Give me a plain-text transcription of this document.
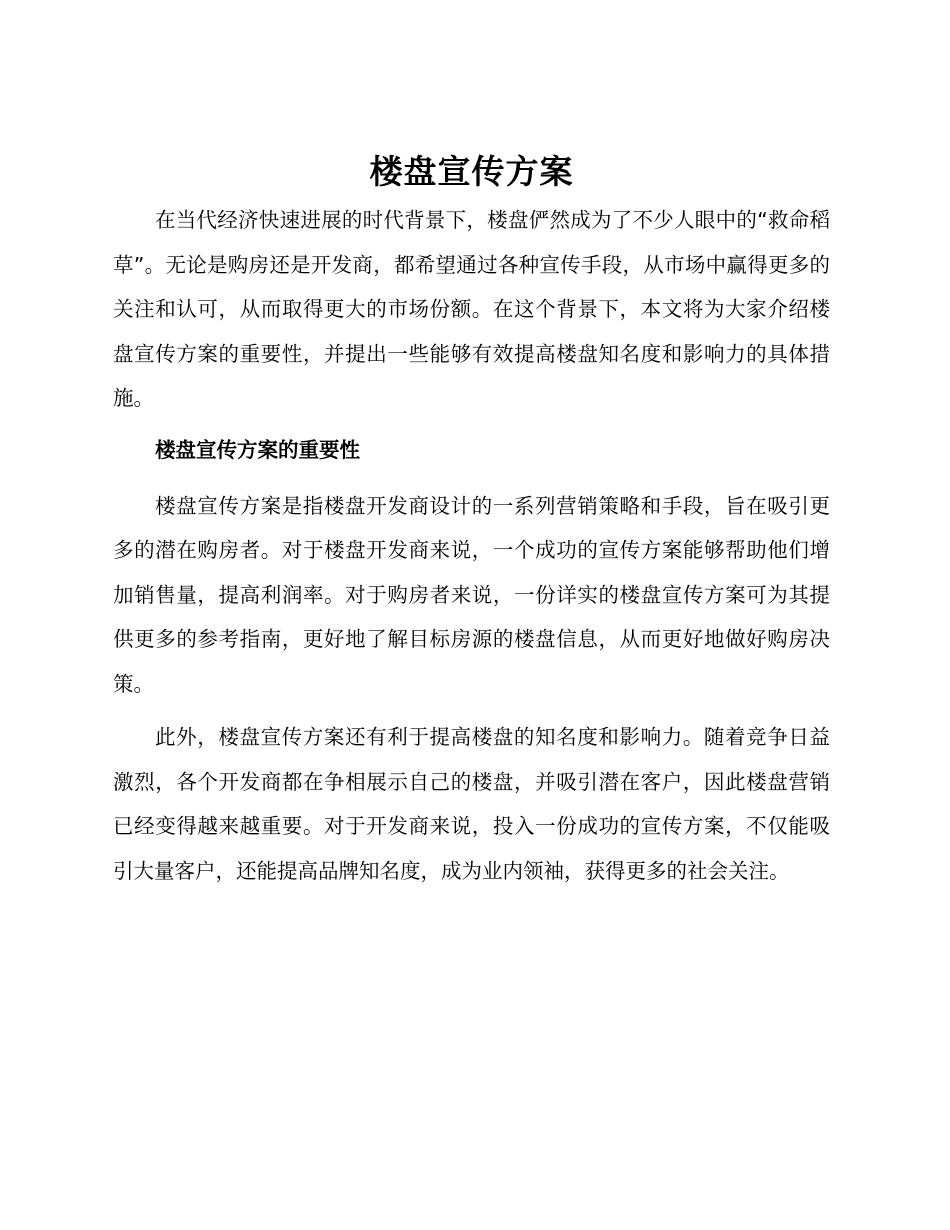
楼盘宣传方案

在当代经济快速进展的时代背景下，楼盘俨然成为了不少人眼中的“救命稻草”。无论是购房还是开发商，都希望通过各种宣传手段，从市场中赢得更多的关注和认可，从而取得更大的市场份额。在这个背景下，本文将为大家介绍楼盘宣传方案的重要性，并提出一些能够有效提高楼盘知名度和影响力的具体措施。

楼盘宣传方案的重要性

楼盘宣传方案是指楼盘开发商设计的一系列营销策略和手段，旨在吸引更多的潜在购房者。对于楼盘开发商来说，一个成功的宣传方案能够帮助他们增加销售量，提高利润率。对于购房者来说，一份详实的楼盘宣传方案可为其提供更多的参考指南，更好地了解目标房源的楼盘信息，从而更好地做好购房决策。

此外，楼盘宣传方案还有利于提高楼盘的知名度和影响力。随着竞争日益激烈，各个开发商都在争相展示自己的楼盘，并吸引潜在客户，因此楼盘营销已经变得越来越重要。对于开发商来说，投入一份成功的宣传方案，不仅能吸引大量客户，还能提高品牌知名度，成为业内领袖，获得更多的社会关注。
